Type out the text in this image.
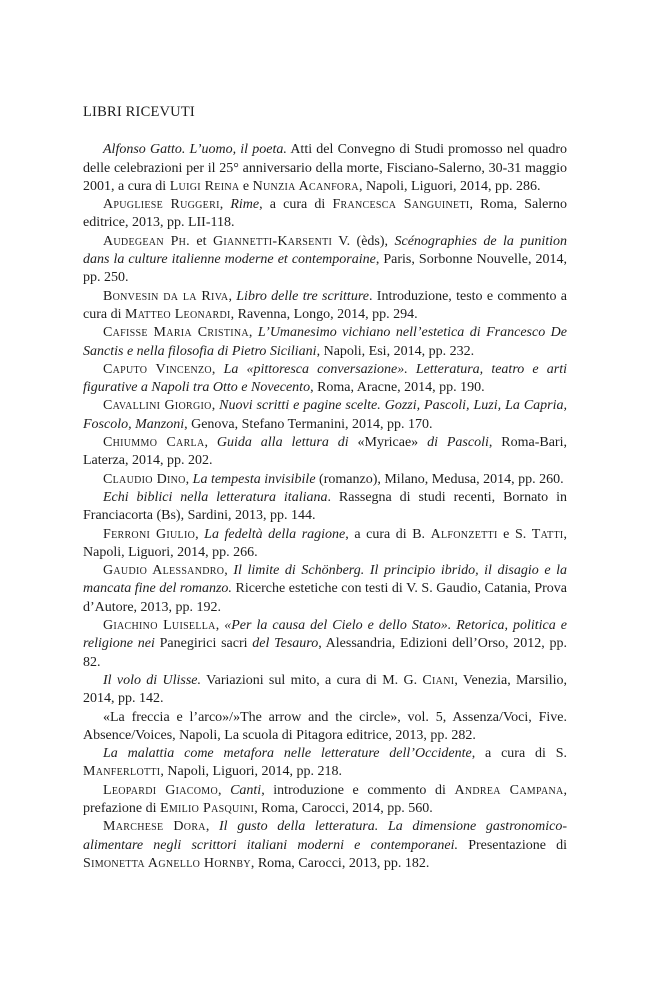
LIBRI RICEVUTI

Alfonso Gatto. L’uomo, il poeta. Atti del Convegno di Studi promosso nel quadro delle celebrazioni per il 25° anniversario della morte, Fisciano-Salerno, 30-31 maggio 2001, a cura di Luigi Reina e Nunzia Acanfora, Napoli, Liguori, 2014, pp. 286.

Apugliese Ruggeri, Rime, a cura di Francesca Sanguineti, Roma, Salerno editrice, 2013, pp. LII-118.

Audegean Ph. et Giannetti-Karsenti V. (èds), Scénographies de la punition dans la culture italienne moderne et contemporaine, Paris, Sorbonne Nouvelle, 2014, pp. 250.

Bonvesin da la Riva, Libro delle tre scritture. Introduzione, testo e commento a cura di Matteo Leonardi, Ravenna, Longo, 2014, pp. 294.

Cafisse Maria Cristina, L’Umanesimo vichiano nell’estetica di Francesco De Sanctis e nella filosofia di Pietro Siciliani, Napoli, Esi, 2014, pp. 232.

Caputo Vincenzo, La «pittoresca conversazione». Letteratura, teatro e arti figurative a Napoli tra Otto e Novecento, Roma, Aracne, 2014, pp. 190.

Cavallini Giorgio, Nuovi scritti e pagine scelte. Gozzi, Pascoli, Luzi, La Capria, Foscolo, Manzoni, Genova, Stefano Termanini, 2014, pp. 170.

Chiummo Carla, Guida alla lettura di «Myricae» di Pascoli, Roma-Bari, Laterza, 2014, pp. 202.

Claudio Dino, La tempesta invisibile (romanzo), Milano, Medusa, 2014, pp. 260.

Echi biblici nella letteratura italiana. Rassegna di studi recenti, Bornato in Franciacorta (Bs), Sardini, 2013, pp. 144.

Ferroni Giulio, La fedeltà della ragione, a cura di B. Alfonzetti e S. Tatti, Napoli, Liguori, 2014, pp. 266.

Gaudio Alessandro, Il limite di Schönberg. Il principio ibrido, il disagio e la mancata fine del romanzo. Ricerche estetiche con testi di V. S. Gaudio, Catania, Prova d’Autore, 2013, pp. 192.

Giachino Luisella, «Per la causa del Cielo e dello Stato». Retorica, politica e religione nei Panegirici sacri del Tesauro, Alessandria, Edizioni dell’Orso, 2012, pp. 82.

Il volo di Ulisse. Variazioni sul mito, a cura di M. G. Ciani, Venezia, Marsilio, 2014, pp. 142.

«La freccia e l’arco»/»The arrow and the circle», vol. 5, Assenza/Voci, Five. Absence/Voices, Napoli, La scuola di Pitagora editrice, 2013, pp. 282.

La malattia come metafora nelle letterature dell’Occidente, a cura di S. Manferlotti, Napoli, Liguori, 2014, pp. 218.

Leopardi Giacomo, Canti, introduzione e commento di Andrea Campana, prefazione di Emilio Pasquini, Roma, Carocci, 2014, pp. 560.

Marchese Dora, Il gusto della letteratura. La dimensione gastronomico-alimentare negli scrittori italiani moderni e contemporanei. Presentazione di Simonetta Agnello Hornby, Roma, Carocci, 2013, pp. 182.
